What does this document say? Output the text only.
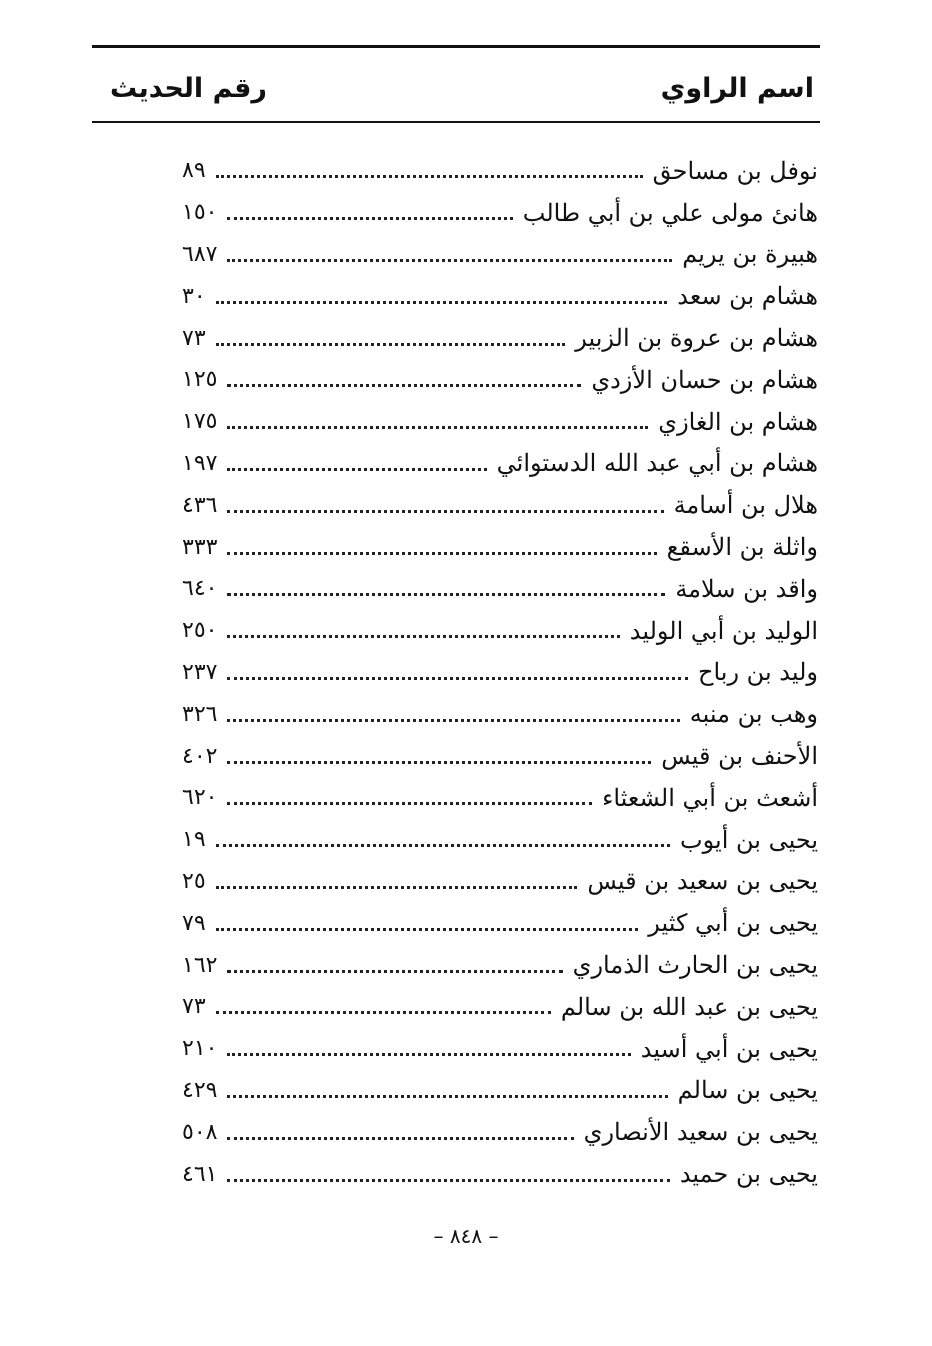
اسم الراوي
رقم الحديث
نوفل بن مساحق
٨٩
هانئ مولى علي بن أبي طالب
١٥٠
هبيرة بن يريم
٦٨٧
هشام بن سعد
٣٠
هشام بن عروة بن الزبير
٧٣
هشام بن حسان الأزدي
١٢٥
هشام بن الغازي
١٧٥
هشام بن أبي عبد الله الدستوائي
١٩٧
هلال بن أسامة
٤٣٦
واثلة بن الأسقع
٣٣٣
واقد بن سلامة
٦٤٠
الوليد بن أبي الوليد
٢٥٠
وليد بن رباح
٢٣٧
وهب بن منبه
٣٢٦
الأحنف بن قيس
٤٠٢
أشعث بن أبي الشعثاء
٦٢٠
يحيى بن أيوب
١٩
يحيى بن سعيد بن قيس
٢٥
يحيى بن أبي كثير
٧٩
يحيى بن الحارث الذماري
١٦٢
يحيى بن عبد الله بن سالم
٧٣
يحيى بن أبي أسيد
٢١٠
يحيى بن سالم
٤٢٩
يحيى بن سعيد الأنصاري
٥٠٨
يحيى بن حميد
٤٦١
– ٨٤٨ –
